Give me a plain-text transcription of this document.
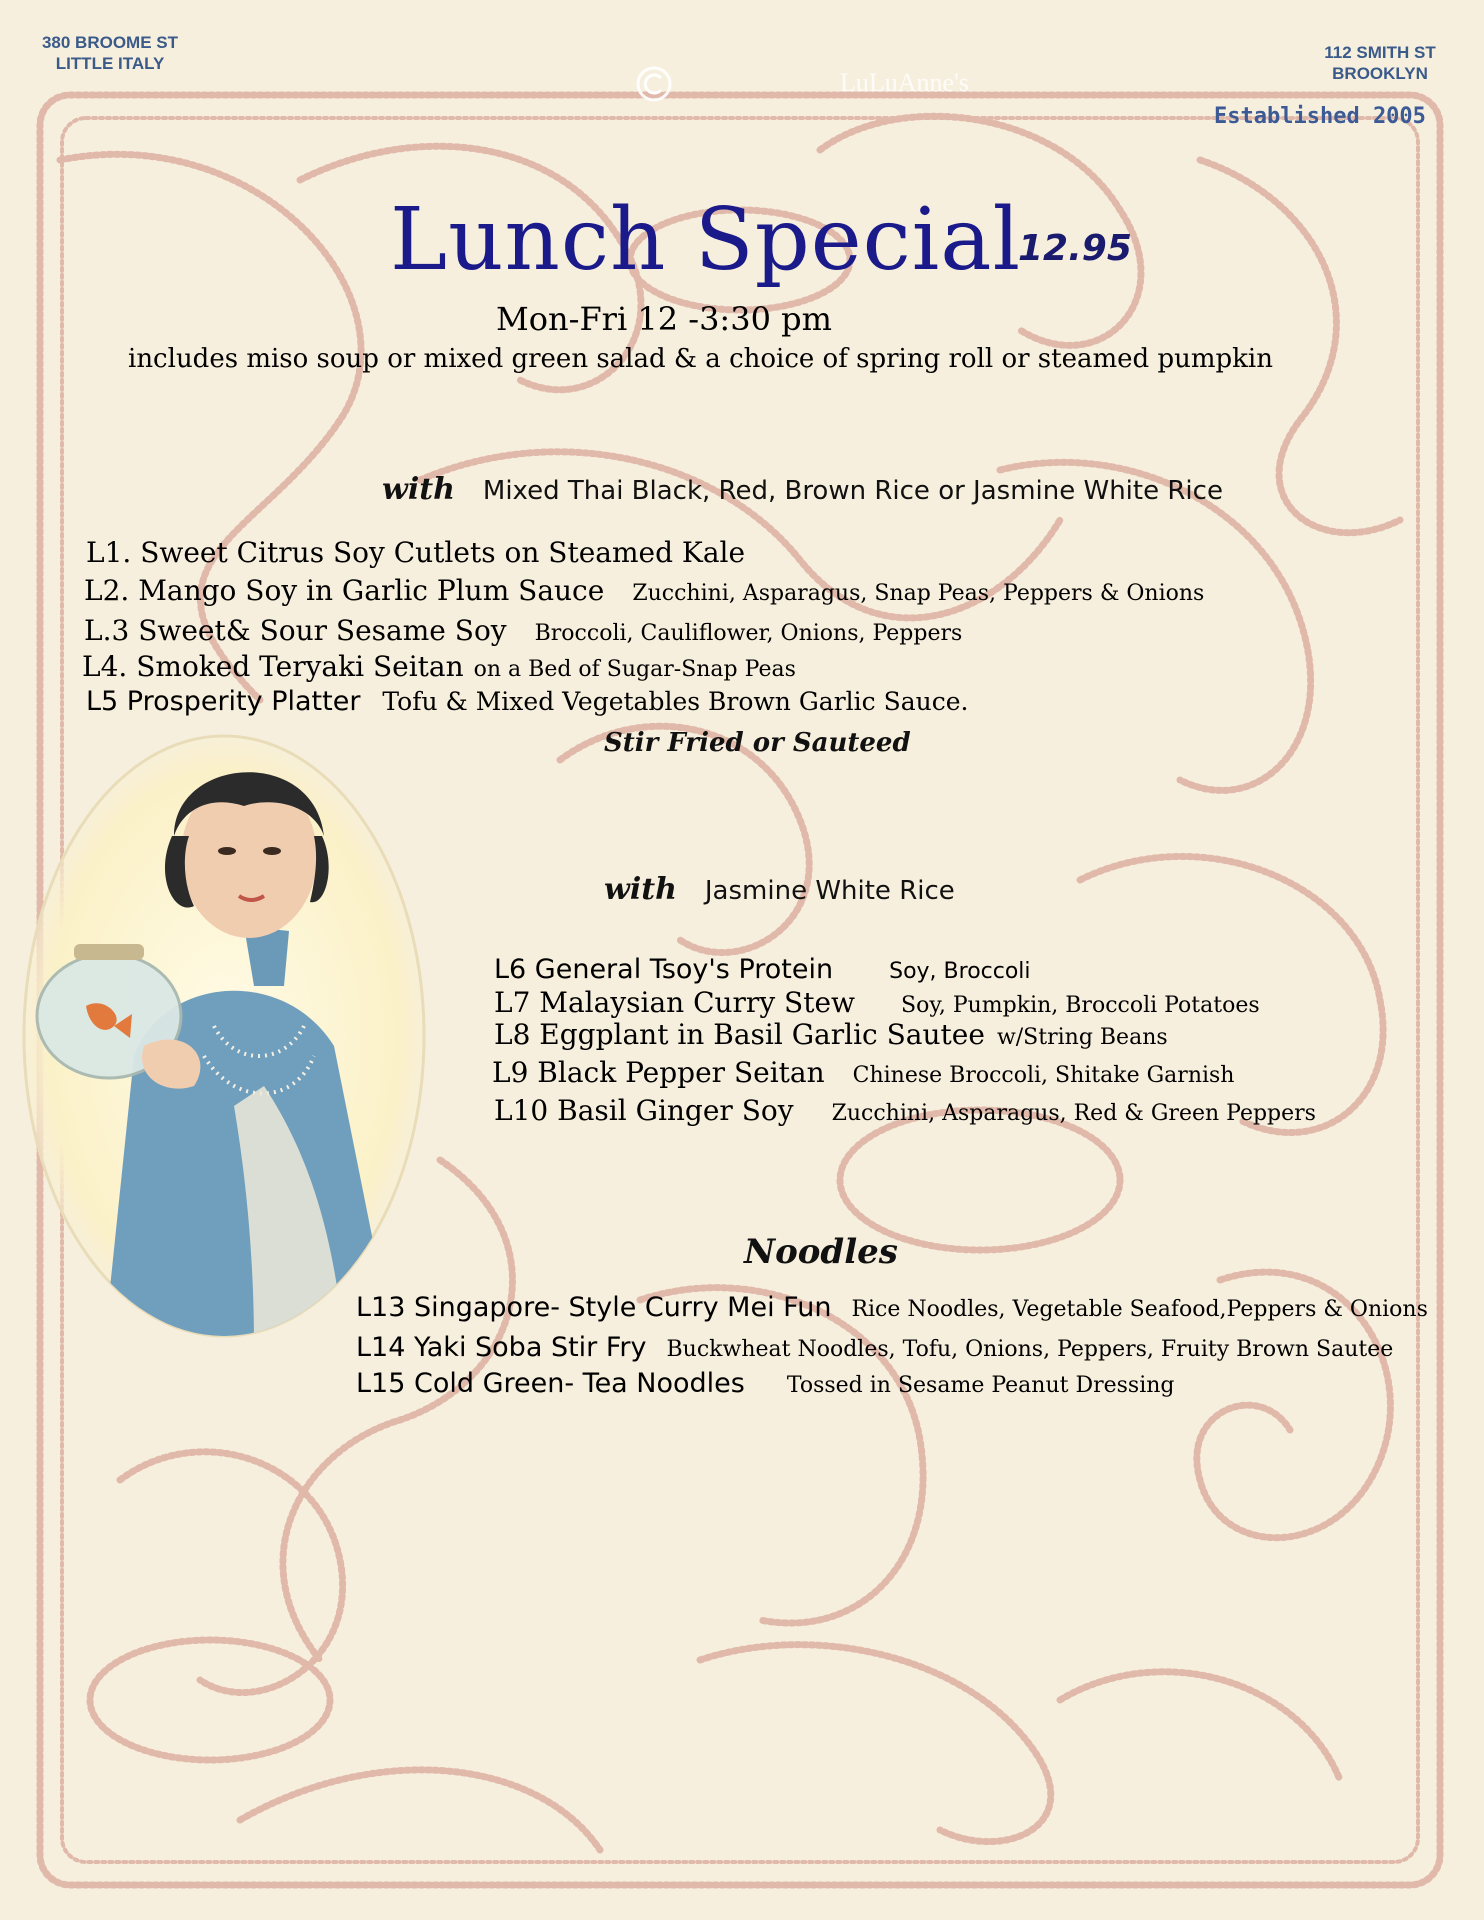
380 BROOME ST
LITTLE ITALY
112 SMITH ST
BROOKLYN
LuLuAnne's
Established 2005
Lunch Special
12.95
Mon-Fri 12 -3:30 pm
includes miso soup or mixed green salad & a choice of spring roll or steamed pumpkin
with Mixed Thai Black, Red, Brown Rice or Jasmine White Rice
L1. Sweet Citrus Soy Cutlets on Steamed Kale
L2. Mango Soy in Garlic Plum Sauce Zucchini, Asparagus, Snap Peas, Peppers & Onions
L.3 Sweet& Sour Sesame Soy Broccoli, Cauliflower, Onions, Peppers
L4. Smoked Teryaki Seitan on a Bed of Sugar-Snap Peas
L5 Prosperity Platter Tofu & Mixed Vegetables Brown Garlic Sauce.
Stir Fried or Sauteed
with Jasmine White Rice
L6 General Tsoy's Protein	Soy, Broccoli
L7 Malaysian Curry Stew Soy, Pumpkin, Broccoli Potatoes
L8 Eggplant in Basil Garlic Sautee w/String Beans
L9 Black Pepper Seitan Chinese Broccoli, Shitake Garnish
L10 Basil Ginger Soy Zucchini, Asparagus, Red & Green Peppers
Noodles
L13 Singapore- Style Curry Mei Fun Rice Noodles, Vegetable Seafood,Peppers & Onions
L14 Yaki Soba Stir Fry Buckwheat Noodles, Tofu, Onions, Peppers, Fruity Brown Sautee
L15 Cold Green- Tea Noodles Tossed in Sesame Peanut Dressing
